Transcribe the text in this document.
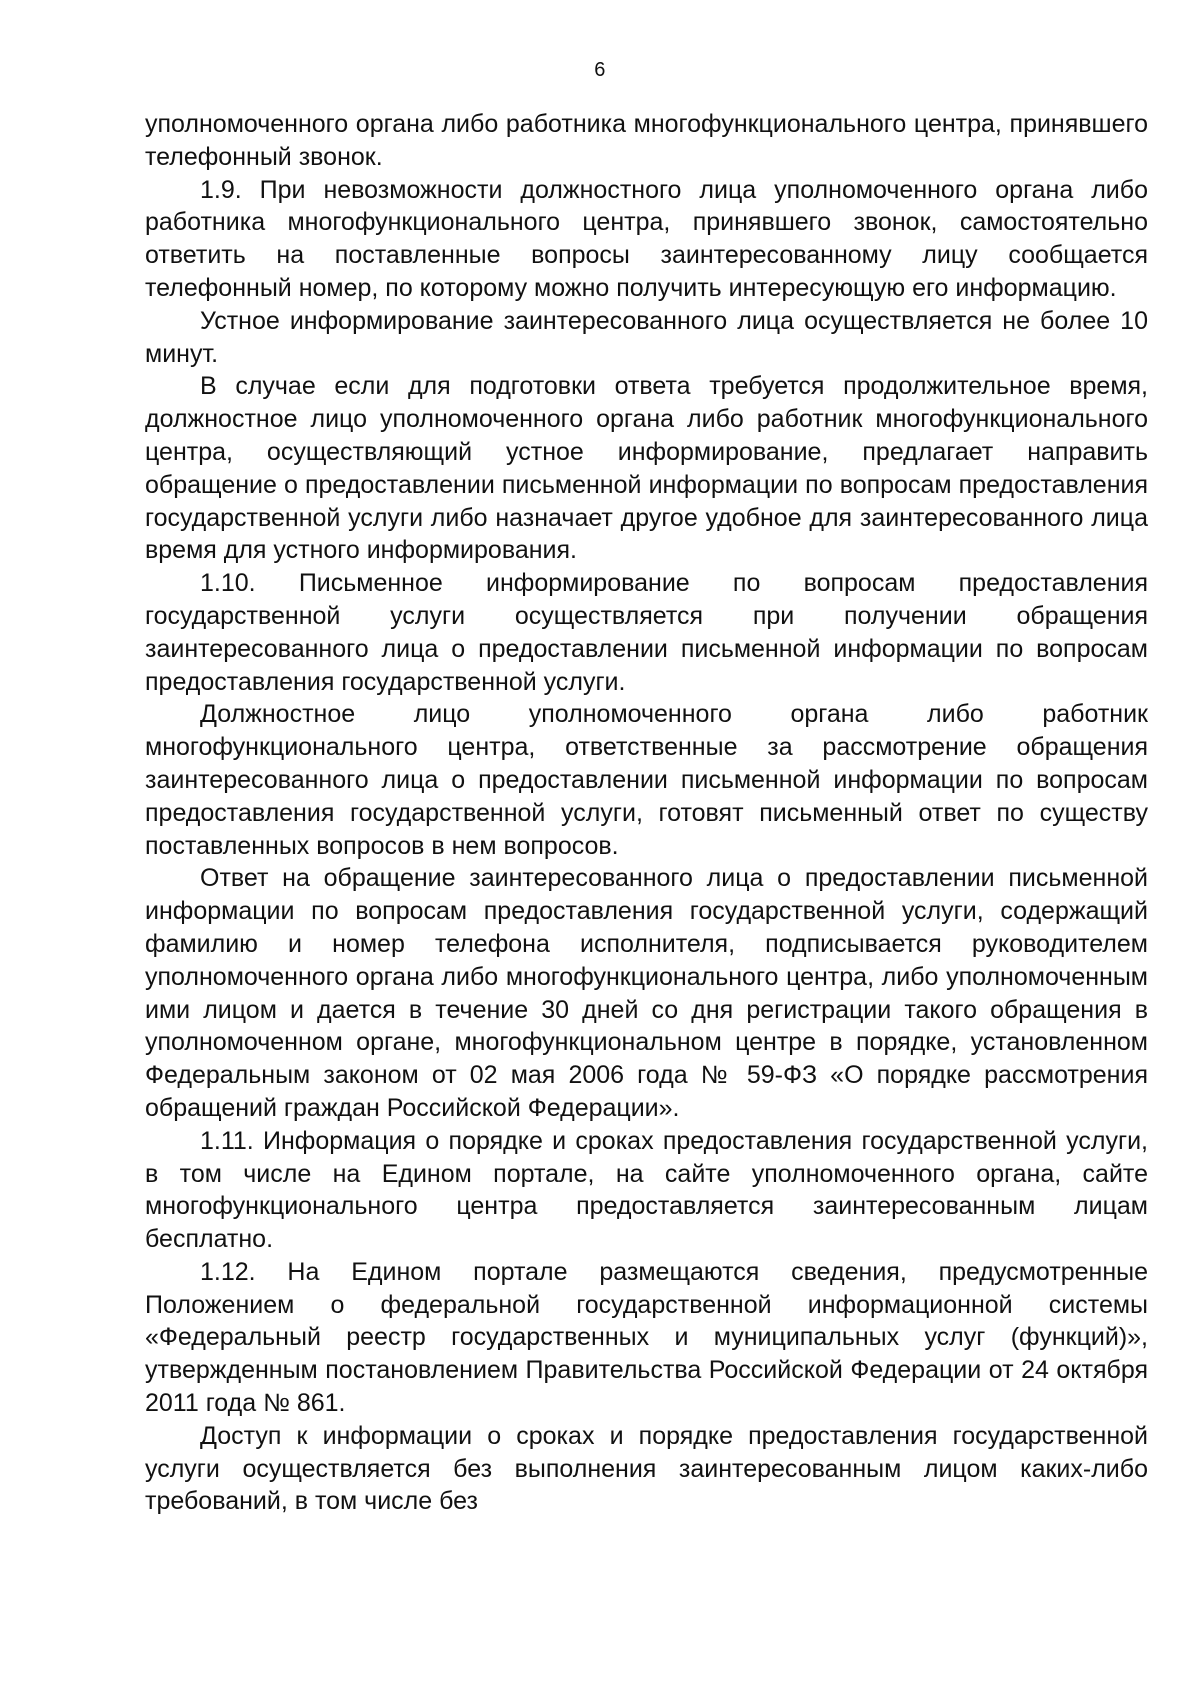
6

уполномоченного органа либо работника многофункционального центра, принявшего телефонный звонок.

1.9. При невозможности должностного лица уполномоченного органа либо работника многофункционального центра, принявшего звонок, самостоятельно ответить на поставленные вопросы заинтересованному лицу сообщается телефонный номер, по которому можно получить интересующую его информацию.

Устное информирование заинтересованного лица осуществляется не более 10 минут.

В случае если для подготовки ответа требуется продолжительное время, должностное лицо уполномоченного органа либо работник многофункционального центра, осуществляющий устное информирование, предлагает направить обращение о предоставлении письменной информации по вопросам предоставления государственной услуги либо назначает другое удобное для заинтересованного лица время для устного информирования.

1.10. Письменное информирование по вопросам предоставления государственной услуги осуществляется при получении обращения заинтересованного лица о предоставлении письменной информации по вопросам предоставления государственной услуги.

Должностное лицо уполномоченного органа либо работник многофункционального центра, ответственные за рассмотрение обращения заинтересованного лица о предоставлении письменной информации по вопросам предоставления государственной услуги, готовят письменный ответ по существу поставленных вопросов в нем вопросов.

Ответ на обращение заинтересованного лица о предоставлении письменной информации по вопросам предоставления государственной услуги, содержащий фамилию и номер телефона исполнителя, подписывается руководителем уполномоченного органа либо многофункционального центра, либо уполномоченным ими лицом и дается в течение 30 дней со дня регистрации такого обращения в уполномоченном органе, многофункциональном центре в порядке, установленном Федеральным законом от 02 мая 2006 года № 59-ФЗ «О порядке рассмотрения обращений граждан Российской Федерации».

1.11. Информация о порядке и сроках предоставления государственной услуги, в том числе на Едином портале, на сайте уполномоченного органа, сайте многофункционального центра предоставляется заинтересованным лицам бесплатно.

1.12. На Едином портале размещаются сведения, предусмотренные Положением о федеральной государственной информационной системы «Федеральный реестр государственных и муниципальных услуг (функций)», утвержденным постановлением Правительства Российской Федерации от 24 октября 2011 года № 861.

Доступ к информации о сроках и порядке предоставления государственной услуги осуществляется без выполнения заинтересованным лицом каких-либо требований, в том числе без
